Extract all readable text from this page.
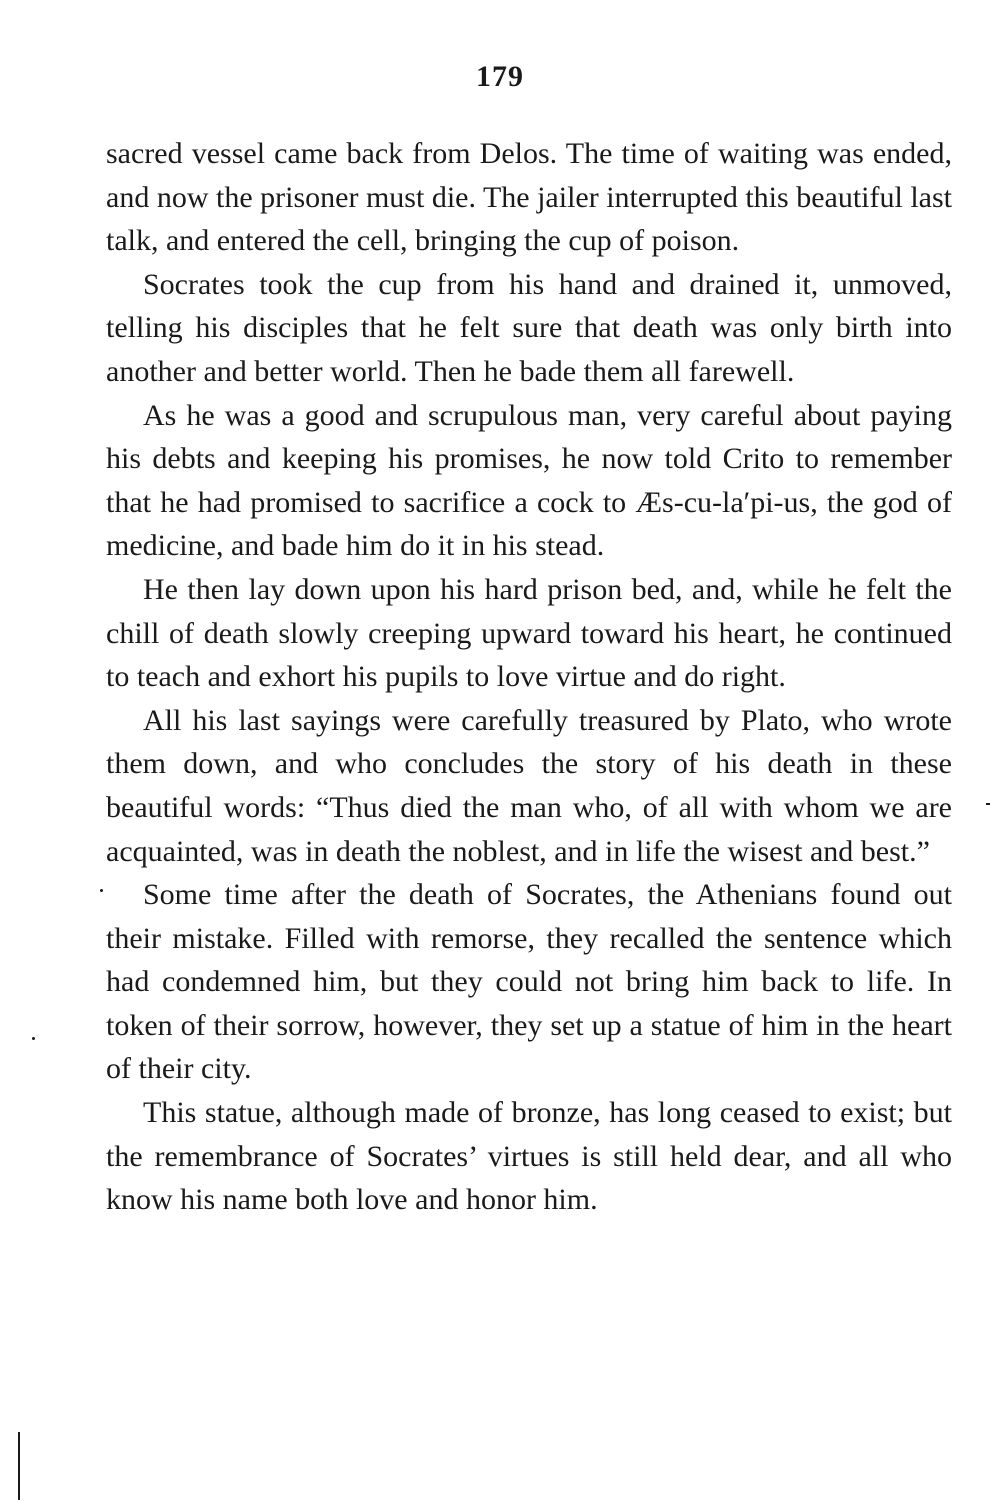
179

sacred vessel came back from Delos. The time of waiting was ended, and now the prisoner must die. The jailer interrupted this beautiful last talk, and entered the cell, bringing the cup of poison.

Socrates took the cup from his hand and drained it, unmoved, telling his disciples that he felt sure that death was only birth into another and better world. Then he bade them all farewell.

As he was a good and scrupulous man, very careful about paying his debts and keeping his promises, he now told Crito to remember that he had promised to sacrifice a cock to Æs-cu-la′pi-us, the god of medicine, and bade him do it in his stead.

He then lay down upon his hard prison bed, and, while he felt the chill of death slowly creeping upward toward his heart, he continued to teach and exhort his pupils to love virtue and do right.

All his last sayings were carefully treasured by Plato, who wrote them down, and who concludes the story of his death in these beautiful words: “Thus died the man who, of all with whom we are acquainted, was in death the noblest, and in life the wisest and best.”

Some time after the death of Socrates, the Athenians found out their mistake. Filled with remorse, they recalled the sentence which had condemned him, but they could not bring him back to life. In token of their sorrow, however, they set up a statue of him in the heart of their city.

This statue, although made of bronze, has long ceased to exist; but the remembrance of Socrates’ virtues is still held dear, and all who know his name both love and honor him.
